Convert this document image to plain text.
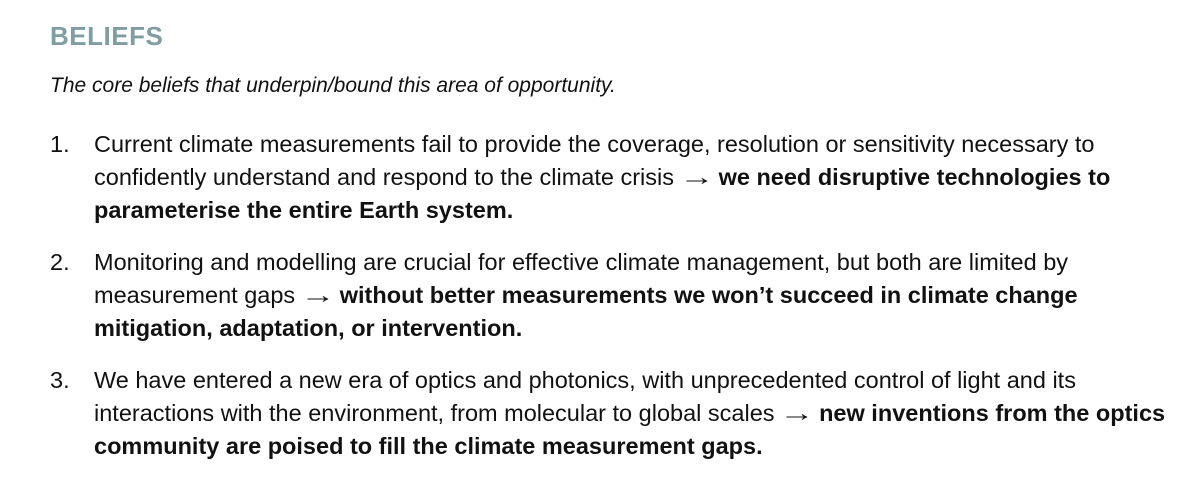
BELIEFS

The core beliefs that underpin/bound this area of opportunity.

1.	Current climate measurements fail to provide the coverage, resolution or sensitivity necessary to confidently understand and respond to the climate crisis → we need disruptive technologies to parameterise the entire Earth system.
2.	Monitoring and modelling are crucial for effective climate management, but both are limited by measurement gaps → without better measurements we won’t succeed in climate change mitigation, adaptation, or intervention.
3.	We have entered a new era of optics and photonics, with unprecedented control of light and its interactions with the environment, from molecular to global scales → new inventions from the optics community are poised to fill the climate measurement gaps.
